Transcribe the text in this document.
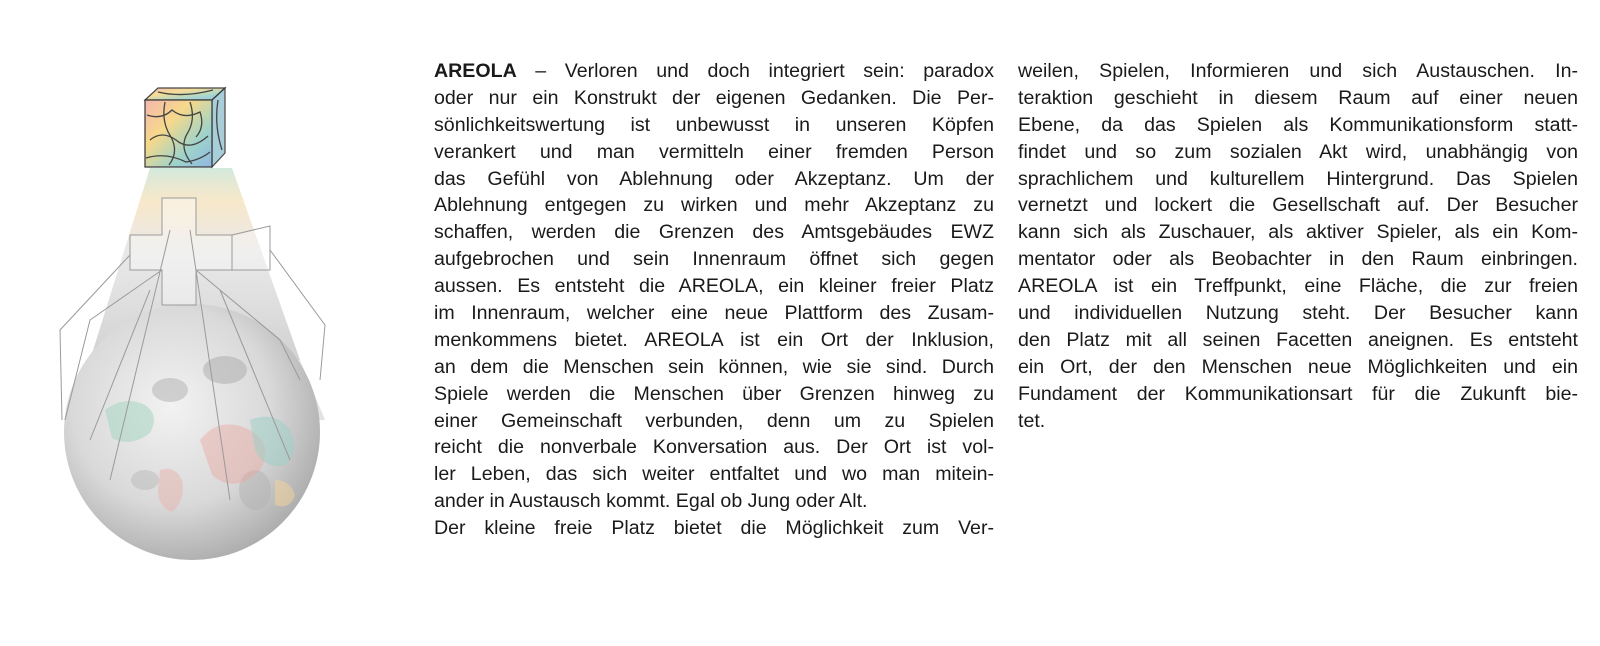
AREOLA – Verloren und doch integriert sein: paradox
oder nur ein Konstrukt der eigenen Gedanken. Die Per-
sönlichkeitswertung ist unbewusst in unseren Köpfen
verankert und man vermitteln einer fremden Person
das Gefühl von Ablehnung oder Akzeptanz. Um der
Ablehnung entgegen zu wirken und mehr Akzeptanz zu
schaffen, werden die Grenzen des Amtsgebäudes EWZ
aufgebrochen und sein Innenraum öffnet sich gegen
aussen. Es entsteht die AREOLA, ein kleiner freier Platz
im Innenraum, welcher eine neue Plattform des Zusam-
menkommens bietet. AREOLA ist ein Ort der Inklusion,
an dem die Menschen sein können, wie sie sind. Durch
Spiele werden die Menschen über Grenzen hinweg zu
einer Gemeinschaft verbunden, denn um zu Spielen
reicht die nonverbale Konversation aus. Der Ort ist vol-
ler Leben, das sich weiter entfaltet und wo man mitein-
ander in Austausch kommt. Egal ob Jung oder Alt.
Der kleine freie Platz bietet die Möglichkeit zum Ver-
weilen, Spielen, Informieren und sich Austauschen. In-
teraktion geschieht in diesem Raum auf einer neuen
Ebene, da das Spielen als Kommunikationsform statt-
findet und so zum sozialen Akt wird, unabhängig von
sprachlichem und kulturellem Hintergrund. Das Spielen
vernetzt und lockert die Gesellschaft auf. Der Besucher
kann sich als Zuschauer, als aktiver Spieler, als ein Kom-
mentator oder als Beobachter in den Raum einbringen.
AREOLA ist ein Treffpunkt, eine Fläche, die zur freien
und individuellen Nutzung steht. Der Besucher kann
den Platz mit all seinen Facetten aneignen. Es entsteht
ein Ort, der den Menschen neue Möglichkeiten und ein
Fundament der Kommunikationsart für die Zukunft bie-
tet.
